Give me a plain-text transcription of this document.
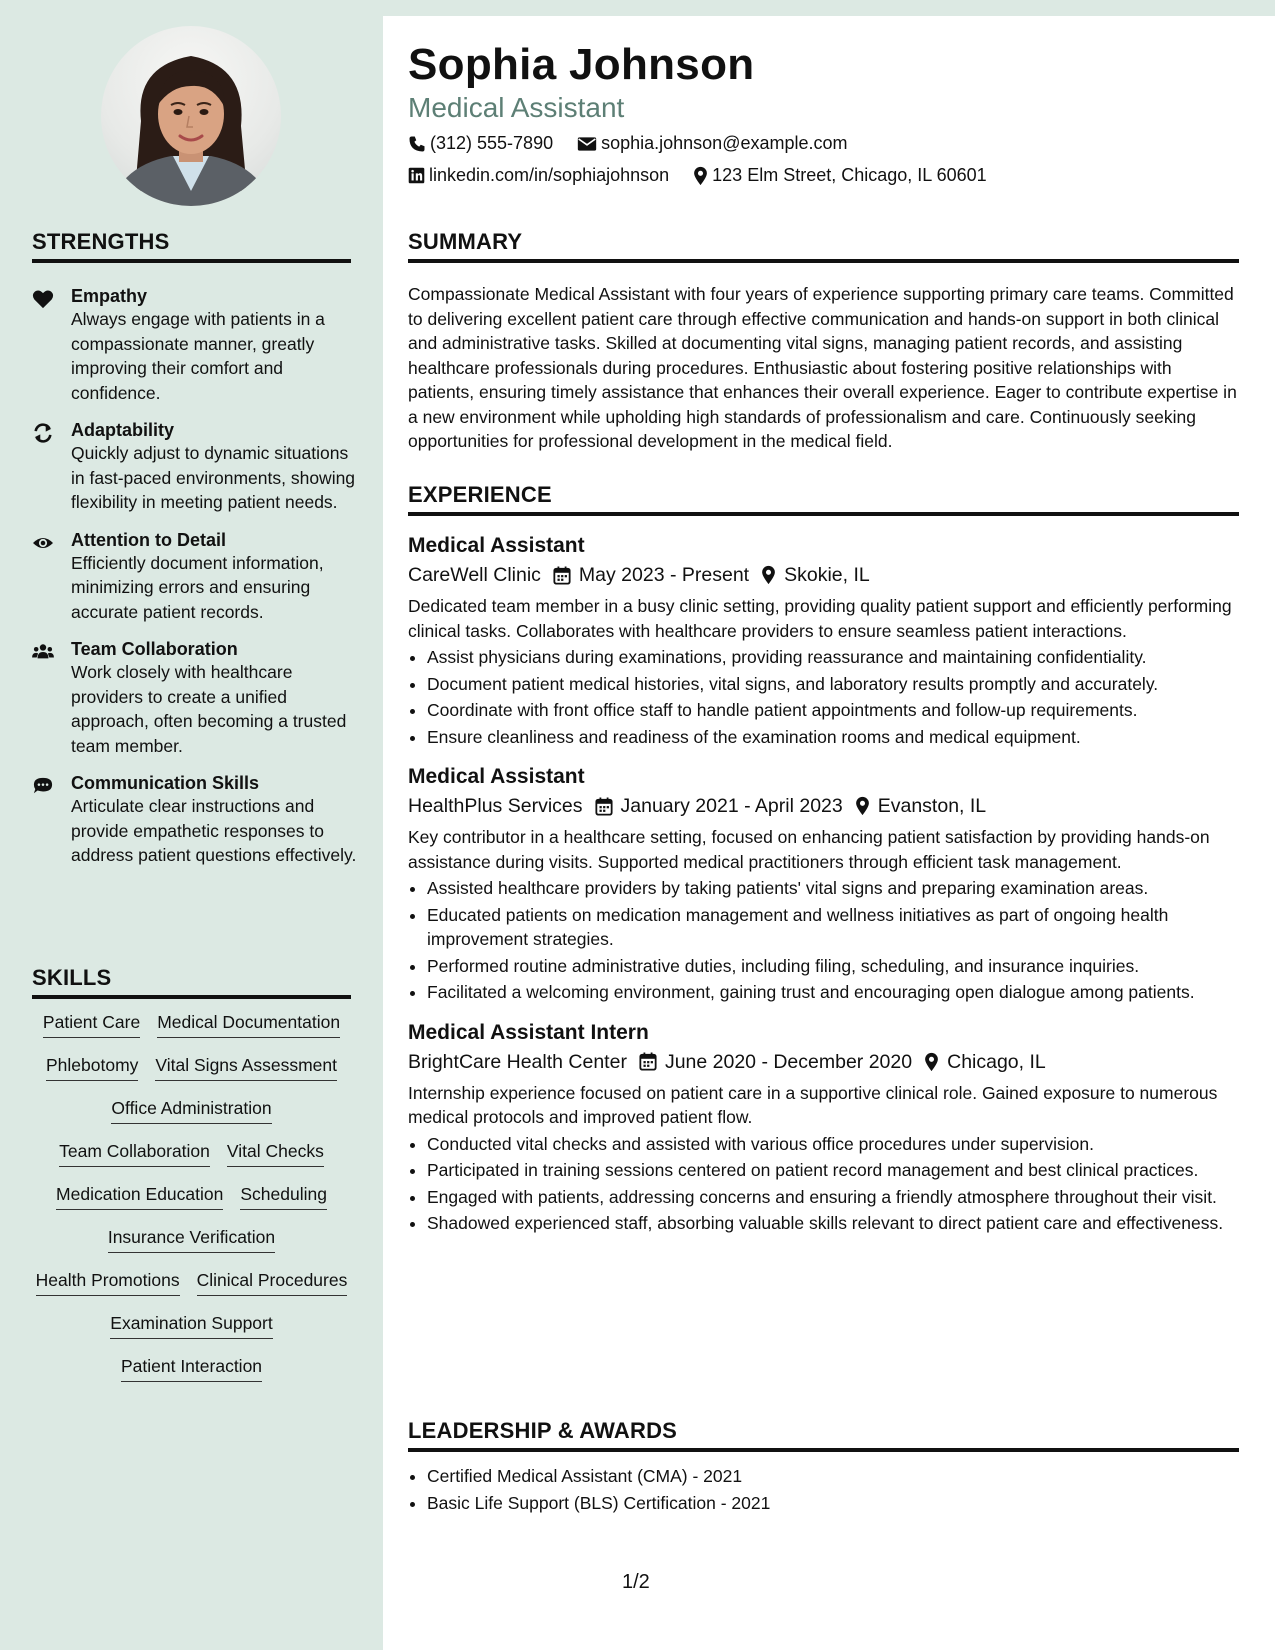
STRENGTHS
Empathy
Always engage with patients in a compassionate manner, greatly improving their comfort and confidence.
Adaptability
Quickly adjust to dynamic situations in fast-paced environments, showing flexibility in meeting patient needs.
Attention to Detail
Efficiently document information, minimizing errors and ensuring accurate patient records.
Team Collaboration
Work closely with healthcare providers to create a unified approach, often becoming a trusted team member.
Communication Skills
Articulate clear instructions and provide empathetic responses to address patient questions effectively.
SKILLS
Patient Care Medical Documentation
Phlebotomy Vital Signs Assessment
Office Administration
Team Collaboration Vital Checks
Medication Education Scheduling
Insurance Verification
Health Promotions Clinical Procedures
Examination Support
Patient Interaction
Sophia Johnson
Medical Assistant
(312) 555-7890	sophia.johnson@example.com
linkedin.com/in/sophiajohnson 123 Elm Street, Chicago, IL 60601
SUMMARY
Compassionate Medical Assistant with four years of experience supporting primary care teams. Committed to delivering excellent patient care through effective communication and hands-on support in both clinical and administrative tasks. Skilled at documenting vital signs, managing patient records, and assisting healthcare professionals during procedures. Enthusiastic about fostering positive relationships with patients, ensuring timely assistance that enhances their overall experience. Eager to contribute expertise in a new environment while upholding high standards of professionalism and care. Continuously seeking opportunities for professional development in the medical field.
EXPERIENCE
Medical Assistant
CareWell Clinic May 2023 - Present Skokie, IL
Dedicated team member in a busy clinic setting, providing quality patient support and efficiently performing clinical tasks. Collaborates with healthcare providers to ensure seamless patient interactions.
• Assist physicians during examinations, providing reassurance and maintaining confidentiality.
• Document patient medical histories, vital signs, and laboratory results promptly and accurately.
• Coordinate with front office staff to handle patient appointments and follow-up requirements.
• Ensure cleanliness and readiness of the examination rooms and medical equipment.
Medical Assistant
HealthPlus Services January 2021 - April 2023 Evanston, IL
Key contributor in a healthcare setting, focused on enhancing patient satisfaction by providing hands-on assistance during visits. Supported medical practitioners through efficient task management.
• Assisted healthcare providers by taking patients' vital signs and preparing examination areas.
• Educated patients on medication management and wellness initiatives as part of ongoing health improvement strategies.
• Performed routine administrative duties, including filing, scheduling, and insurance inquiries.
• Facilitated a welcoming environment, gaining trust and encouraging open dialogue among patients.
Medical Assistant Intern
BrightCare Health Center June 2020 - December 2020 Chicago, IL
Internship experience focused on patient care in a supportive clinical role. Gained exposure to numerous medical protocols and improved patient flow.
• Conducted vital checks and assisted with various office procedures under supervision.
• Participated in training sessions centered on patient record management and best clinical practices.
• Engaged with patients, addressing concerns and ensuring a friendly atmosphere throughout their visit.
• Shadowed experienced staff, absorbing valuable skills relevant to direct patient care and effectiveness.
LEADERSHIP & AWARDS
• Certified Medical Assistant (CMA) - 2021
• Basic Life Support (BLS) Certification - 2021
1/2
